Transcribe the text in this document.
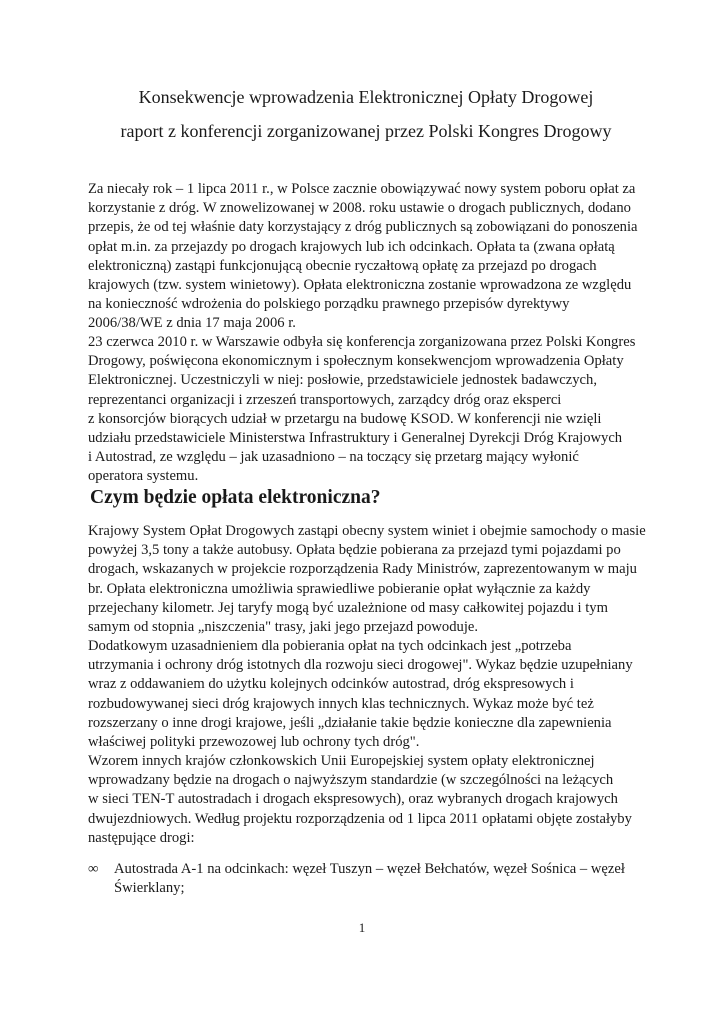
Konsekwencje wprowadzenia Elektronicznej Opłaty Drogowej
raport z konferencji zorganizowanej przez Polski Kongres Drogowy

Za niecały rok – 1 lipca 2011 r., w Polsce zacznie obowiązywać nowy system poboru opłat za
korzystanie z dróg. W znowelizowanej w 2008. roku ustawie o drogach publicznych, dodano
przepis, że od tej właśnie daty korzystający z dróg publicznych są zobowiązani do ponoszenia
opłat m.in. za przejazdy po drogach krajowych lub ich odcinkach. Opłata ta (zwana opłatą
elektroniczną) zastąpi funkcjonującą obecnie ryczałtową opłatę za przejazd po drogach
krajowych (tzw. system winietowy). Opłata elektroniczna zostanie wprowadzona ze względu
na konieczność wdrożenia do polskiego porządku prawnego przepisów dyrektywy
2006/38/WE z dnia 17 maja 2006 r.

23 czerwca 2010 r. w Warszawie odbyła się konferencja zorganizowana przez Polski Kongres
Drogowy, poświęcona ekonomicznym i społecznym konsekwencjom wprowadzenia Opłaty
Elektronicznej. Uczestniczyli w niej: posłowie, przedstawiciele jednostek badawczych,
reprezentanci organizacji i zrzeszeń transportowych, zarządcy dróg oraz eksperci
z konsorcjów biorących udział w przetargu na budowę KSOD. W konferencji nie wzięli
udziału przedstawiciele Ministerstwa Infrastruktury i Generalnej Dyrekcji Dróg Krajowych
i Autostrad, ze względu – jak uzasadniono – na toczący się przetarg mający wyłonić
operatora systemu.

Czym będzie opłata elektroniczna?

Krajowy System Opłat Drogowych zastąpi obecny system winiet i obejmie samochody o masie
powyżej 3,5 tony a także autobusy. Opłata będzie pobierana za przejazd tymi pojazdami po
drogach, wskazanych w projekcie rozporządzenia Rady Ministrów, zaprezentowanym w maju
br. Opłata elektroniczna umożliwia sprawiedliwe pobieranie opłat wyłącznie za każdy
przejechany kilometr. Jej taryfy mogą być uzależnione od masy całkowitej pojazdu i tym
samym od stopnia „niszczenia" trasy, jaki jego przejazd powoduje.

Dodatkowym uzasadnieniem dla pobierania opłat na tych odcinkach jest „potrzeba
utrzymania i ochrony dróg istotnych dla rozwoju sieci drogowej". Wykaz będzie uzupełniany
wraz z oddawaniem do użytku kolejnych odcinków autostrad, dróg ekspresowych i
rozbudowywanej sieci dróg krajowych innych klas technicznych. Wykaz może być też
rozszerzany o inne drogi krajowe, jeśli „działanie takie będzie konieczne dla zapewnienia
właściwej polityki przewozowej lub ochrony tych dróg".

Wzorem innych krajów członkowskich Unii Europejskiej system opłaty elektronicznej
wprowadzany będzie na drogach o najwyższym standardzie (w szczególności na leżących
w sieci TEN-T autostradach i drogach ekspresowych), oraz wybranych drogach krajowych
dwujezdniowych. Według projektu rozporządzenia od 1 lipca 2011 opłatami objęte zostałyby
następujące drogi:

∞	Autostrada A-1 na odcinkach: węzeł Tuszyn – węzeł Bełchatów, węzeł Sośnica – węzeł
Świerklany;
1
